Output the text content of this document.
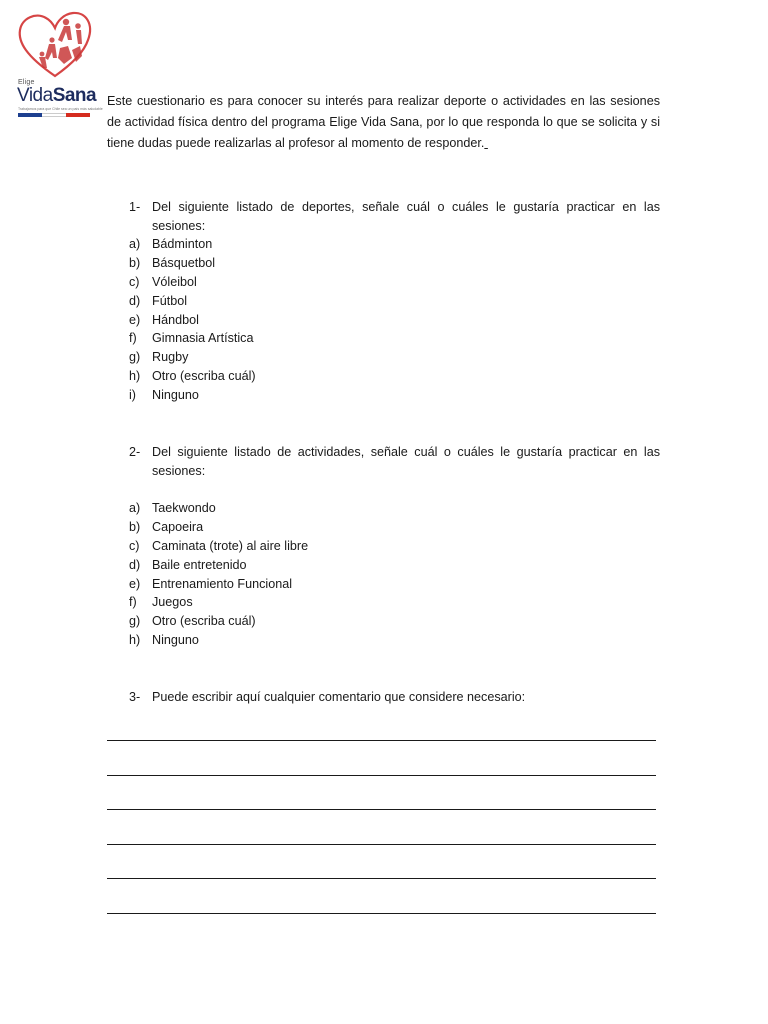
Elige
VidaSana
Trabajamos para que Chile sea un país más saludable
Este cuestionario es para conocer su interés para realizar deporte o actividades en las sesiones de actividad física dentro del programa Elige Vida Sana, por lo que responda lo que se solicita y si tiene dudas puede realizarlas al profesor al momento de responder.
1- Del siguiente listado de deportes, señale cuál o cuáles le gustaría practicar en las sesiones:
a) Bádminton
b) Básquetbol
c) Vóleibol
d) Fútbol
e) Hándbol
f)	Gimnasia Artística
g) Rugby
h) Otro (escriba cuál)
i)	Ninguno
2- Del siguiente listado de actividades, señale cuál o cuáles le gustaría practicar en las sesiones:
a) Taekwondo
b) Capoeira
c) Caminata (trote) al aire libre
d) Baile entretenido
e) Entrenamiento Funcional
f)	Juegos
g) Otro (escriba cuál)
h) Ninguno
3- Puede escribir aquí cualquier comentario que considere necesario:
